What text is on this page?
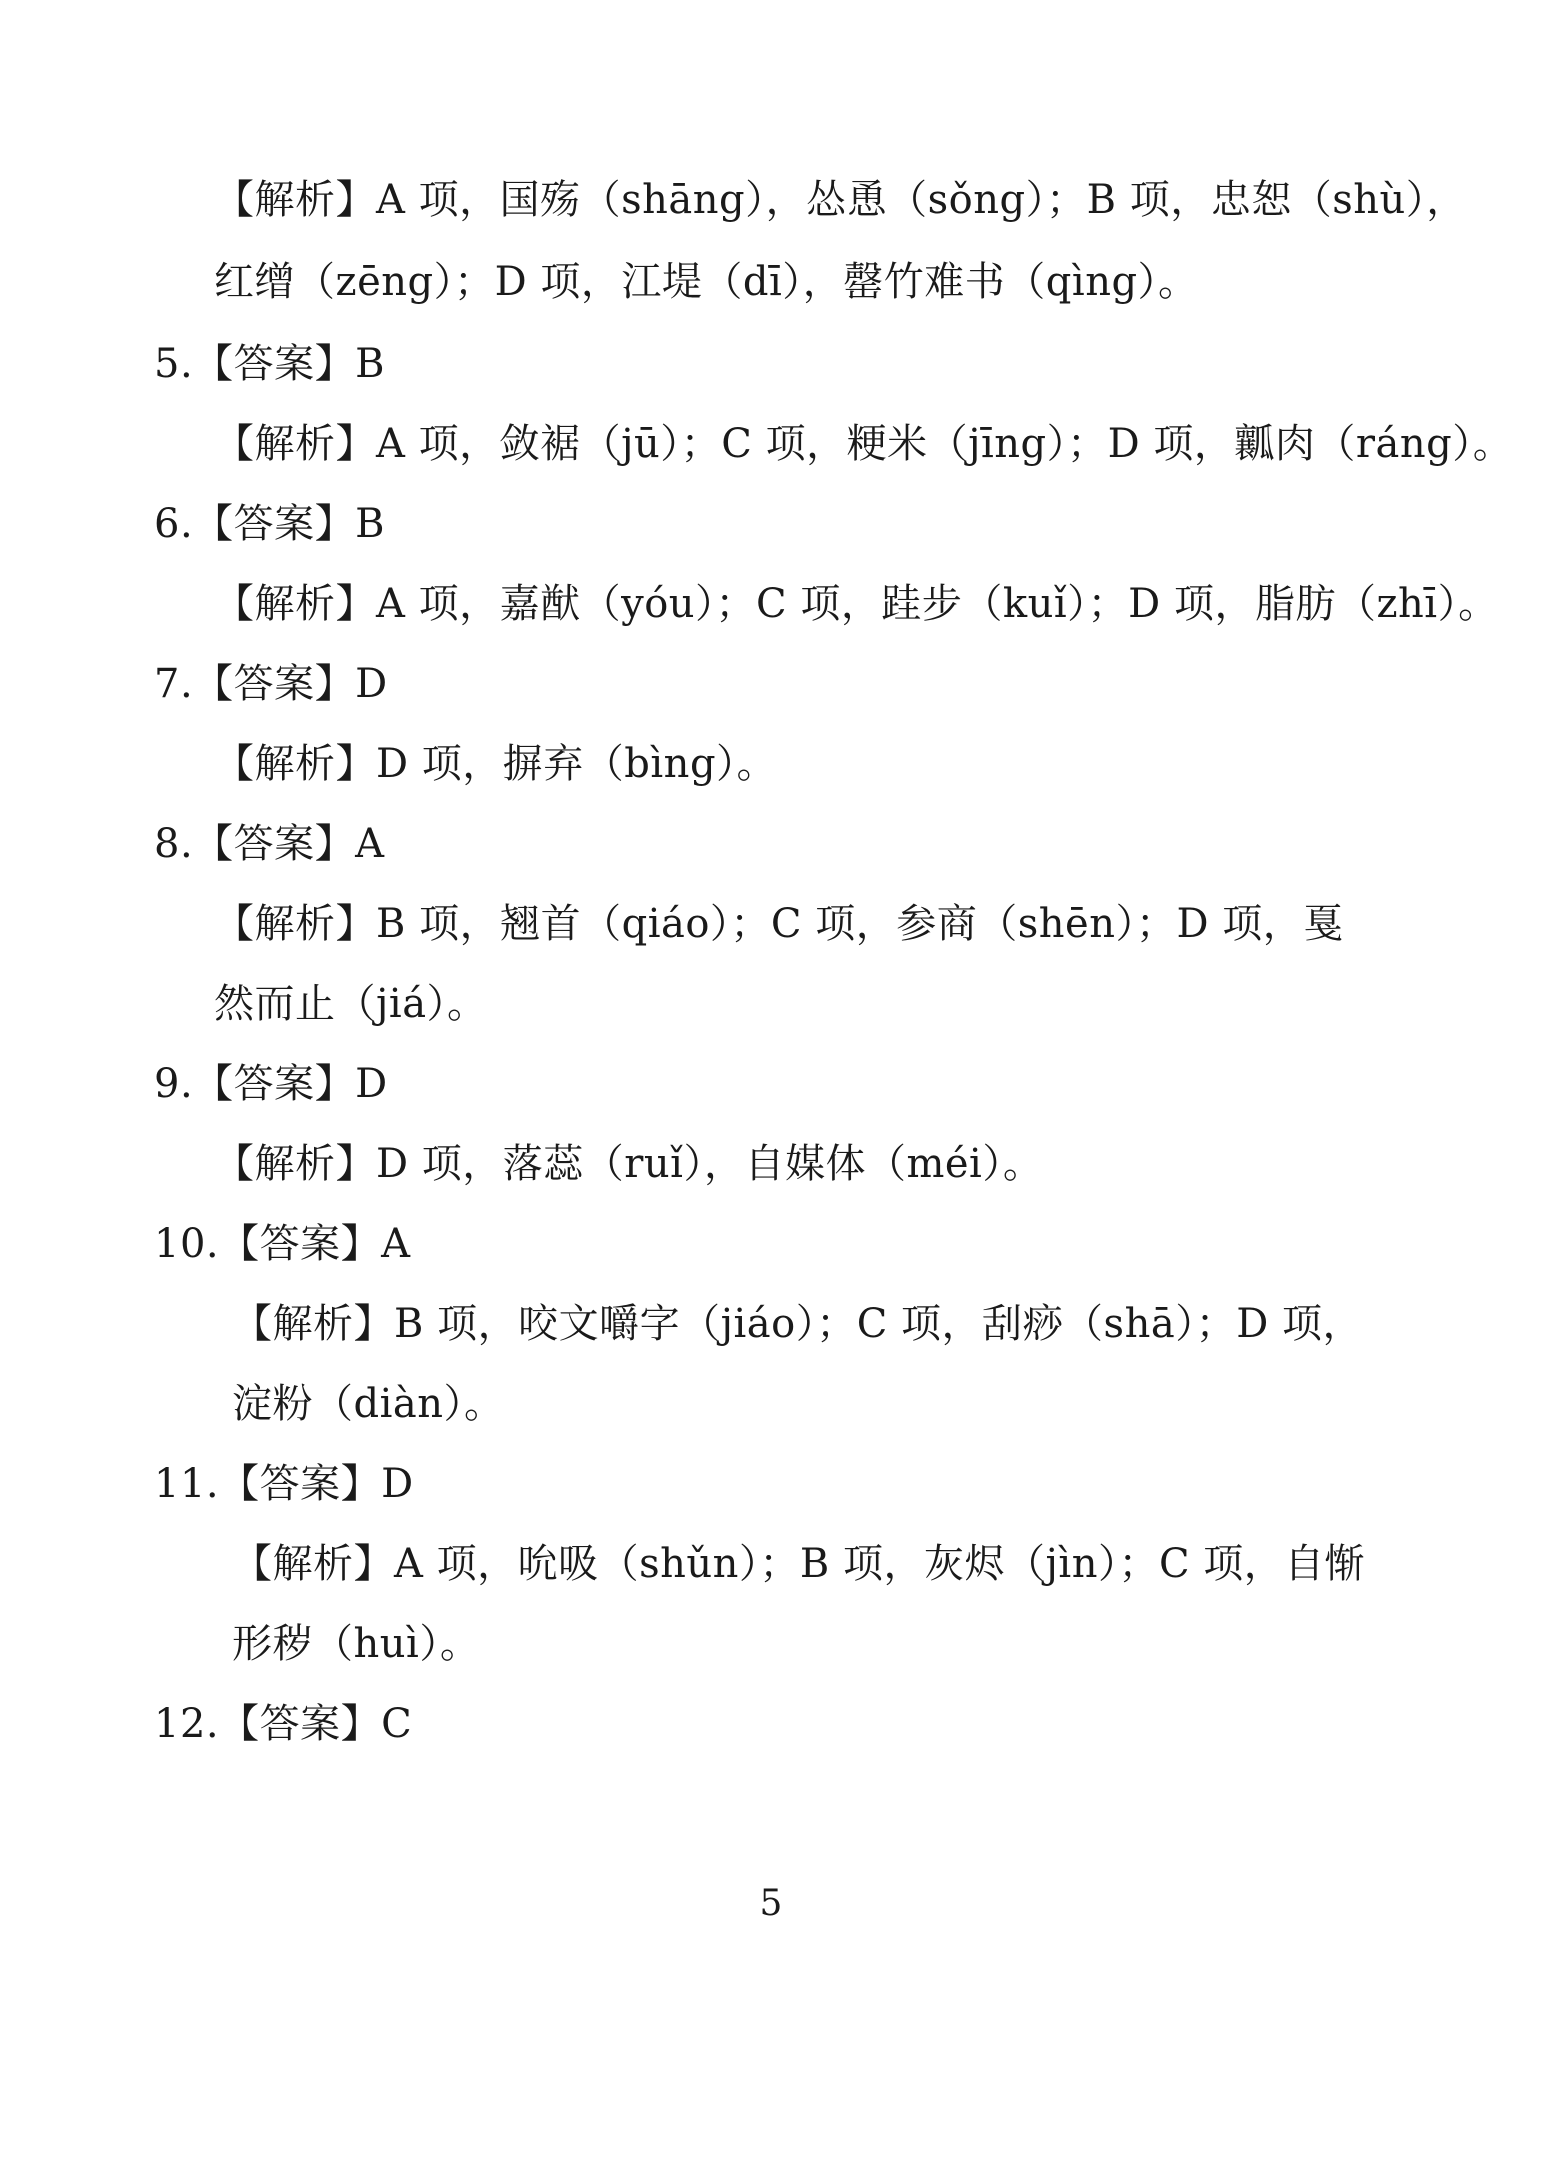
【解析】A 项，国殇（shāng），怂恿（sǒng）；B 项，忠恕（shù），
红缯（zēng）；D 项，江堤（dī），罄竹难书（qìng）。
5.【答案】B
【解析】A 项，敛裾（jū）；C 项，粳米（jīng）；D 项，瓤肉（ráng）。
6.【答案】B
【解析】A 项，嘉猷（yóu）；C 项，跬步（kuǐ）；D 项，脂肪（zhī）。
7.【答案】D
【解析】D 项，摒弃（bìng）。
8.【答案】A
【解析】B 项，翘首（qiáo）；C 项，参商（shēn）；D 项，戛
然而止（jiá）。
9.【答案】D
【解析】D 项，落蕊（ruǐ），自媒体（méi）。
10.【答案】A
【解析】B 项，咬文嚼字（jiáo）；C 项，刮痧（shā）；D 项，
淀粉（diàn）。
11.【答案】D
【解析】A 项，吮吸（shǔn）；B 项，灰烬（jìn）；C 项，自惭
形秽（huì）。
12.【答案】C
5
